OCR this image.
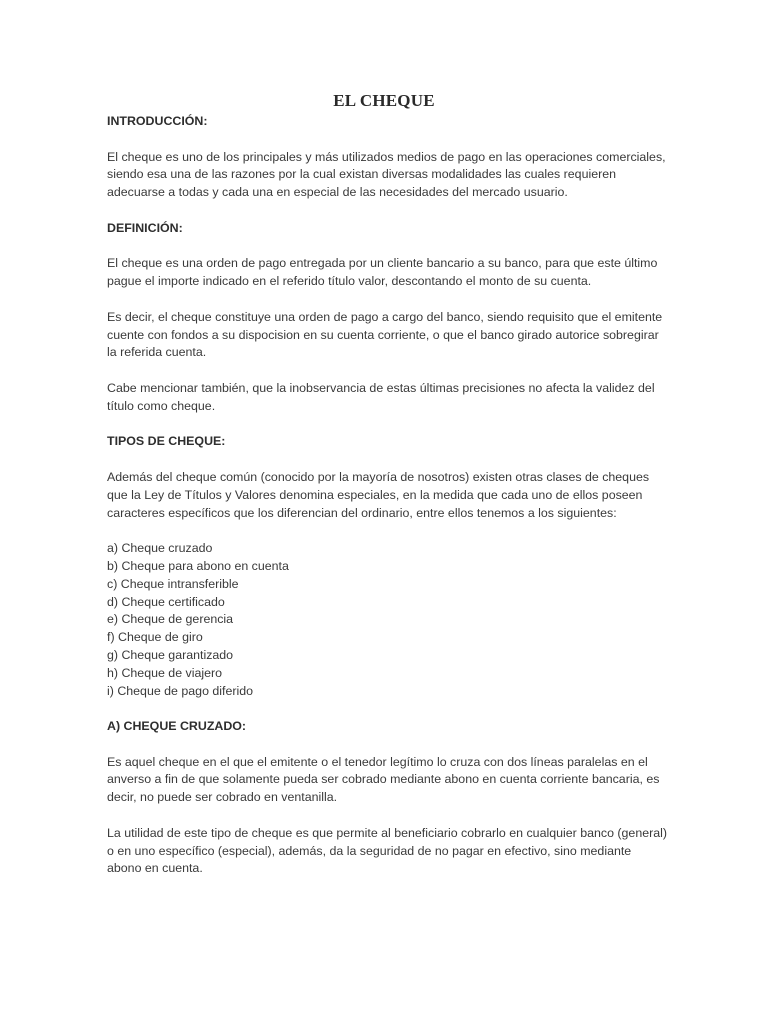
EL CHEQUE
INTRODUCCIÓN:

El cheque es uno de los principales y más utilizados medios de pago en las operaciones comerciales, siendo esa una de las razones por la cual existan diversas modalidades las cuales requieren adecuarse a todas y cada una en especial de las necesidades del mercado usuario.

DEFINICIÓN:

El cheque es una orden de pago entregada por un cliente bancario a su banco, para que este último pague el importe indicado en el referido título valor, descontando el monto de su cuenta.

Es decir, el cheque constituye una orden de pago a cargo del banco, siendo requisito que el emitente cuente con fondos a su dispocision en su cuenta corriente, o que el banco girado autorice sobregirar la referida cuenta.

Cabe mencionar también, que la inobservancia de estas últimas precisiones no afecta la validez del título como cheque.

TIPOS DE CHEQUE:

Además del cheque común (conocido por la mayoría de nosotros) existen otras clases de cheques que la Ley de Títulos y Valores denomina especiales, en la medida que cada uno de ellos poseen caracteres específicos que los diferencian del ordinario, entre ellos tenemos a los siguientes:

a) Cheque cruzado
b) Cheque para abono en cuenta
c) Cheque intransferible
d) Cheque certificado
e) Cheque de gerencia
f) Cheque de giro
g) Cheque garantizado
h) Cheque de viajero
i) Cheque de pago diferido
A) CHEQUE CRUZADO:

Es aquel cheque en el que el emitente o el tenedor legítimo lo cruza con dos líneas paralelas en el anverso a fin de que solamente pueda ser cobrado mediante abono en cuenta corriente bancaria, es decir, no puede ser cobrado en ventanilla.

La utilidad de este tipo de cheque es que permite al beneficiario cobrarlo en cualquier banco (general) o en uno específico (especial), además, da la seguridad de no pagar en efectivo, sino mediante abono en cuenta.
